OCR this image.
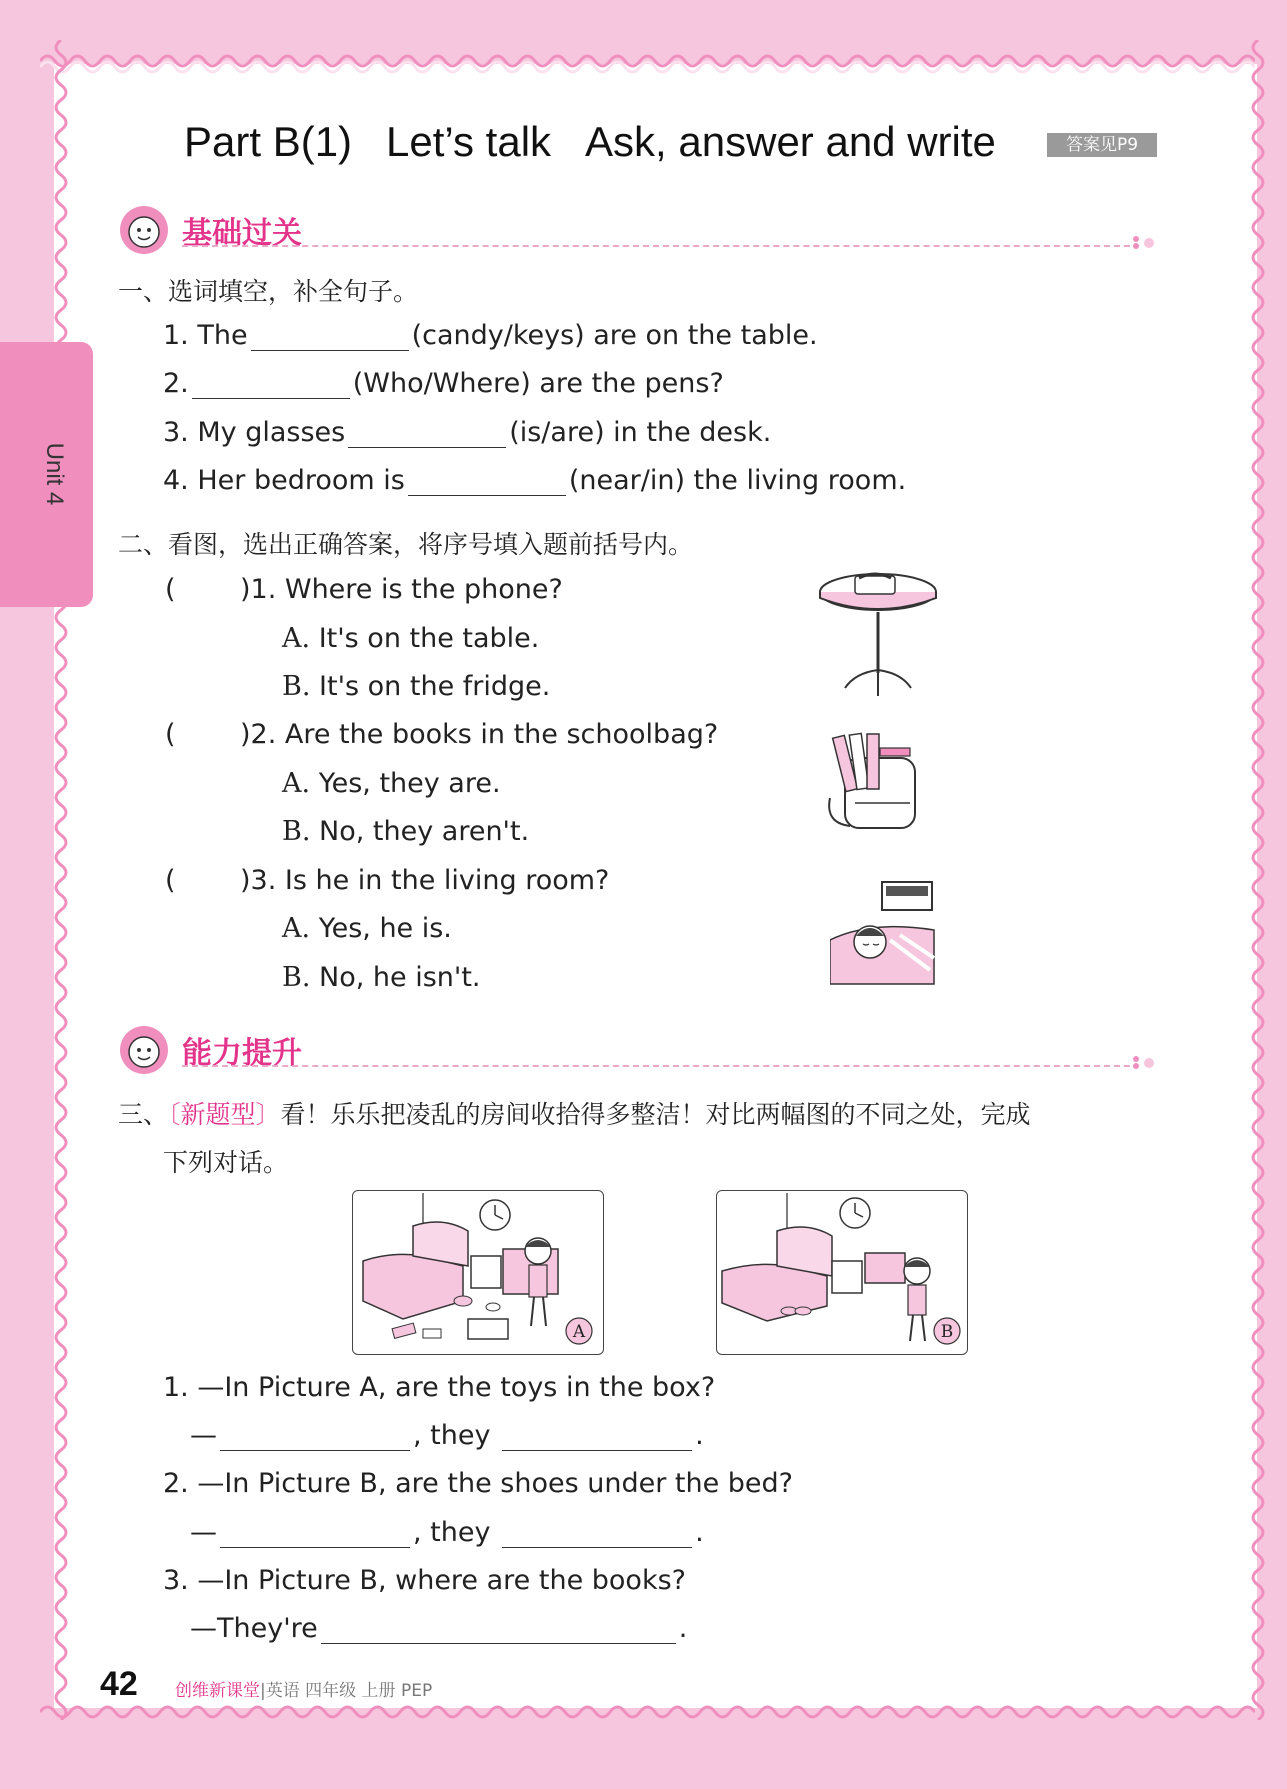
Unit 4
Part B(1) Let’s talk Ask, answer and write	答案见P9
基础过关
一、选词填空，补全句子。
1. The	(candy/keys) are on the table.
2.	(Who/Where) are the pens?
3. My glasses	(is/are) in the desk.
4. Her bedroom is	(near/in) the living room.
二、看图，选出正确答案，将序号填入题前括号内。
( )1. Where is the phone?
A. It's on the table.
B. It's on the fridge.
( )2. Are the books in the schoolbag?
A. Yes, they are.
B. No, they aren't.
( )3. Is he in the living room?
A. Yes, he is.
B. No, he isn't.
能力提升
三、〔新题型〕看！乐乐把凌乱的房间收拾得多整洁！对比两幅图的不同之处，完成
下列对话。
A	B
1. —In Picture A, are the toys in the box?
—	, they	.
2. —In Picture B, are the shoes under the bed?
—	, they	.
3. —In Picture B, where are the books?
—They're	.
42 创维新课堂|英语 四年级 上册 PEP
